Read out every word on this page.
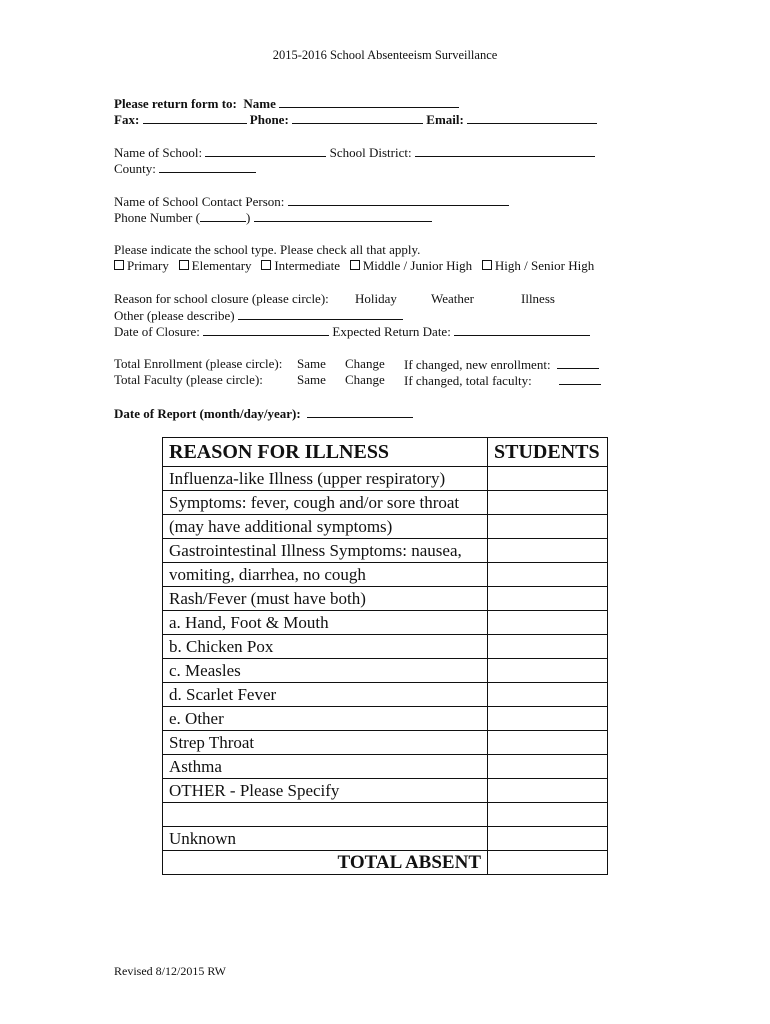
2015-2016 School Absenteeism Surveillance
Please return form to:  Name
Fax:	Phone:	Email:
Name of School:	School District:
County:
Name of School Contact Person:
Phone Number (	)
Please indicate the school type. Please check all that apply.
Primary Elementary Intermediate Middle / Junior High High / Senior High
Reason for school closure (please circle): Holiday	Weather	Illness
Other (please describe)
Date of Closure:	Expected Return Date:
Total Enrollment (please circle): Same Change If changed, new enrollment:
Total Faculty (please circle):	Same Change If changed, total faculty:
Date of Report (month/day/year):
REASON FOR ILLNESS	STUDENTS
Influenza-like Illness (upper respiratory)	
Symptoms: fever, cough and/or sore throat	
(may have additional symptoms)	
Gastrointestinal Illness Symptoms: nausea,	
vomiting, diarrhea, no cough	
Rash/Fever (must have both)	
a. Hand, Foot & Mouth	
b. Chicken Pox	
c. Measles	
d. Scarlet Fever	
e. Other	
Strep Throat	
Asthma	
OTHER - Please Specify	

Unknown	
TOTAL ABSENT	
Revised 8/12/2015 RW
